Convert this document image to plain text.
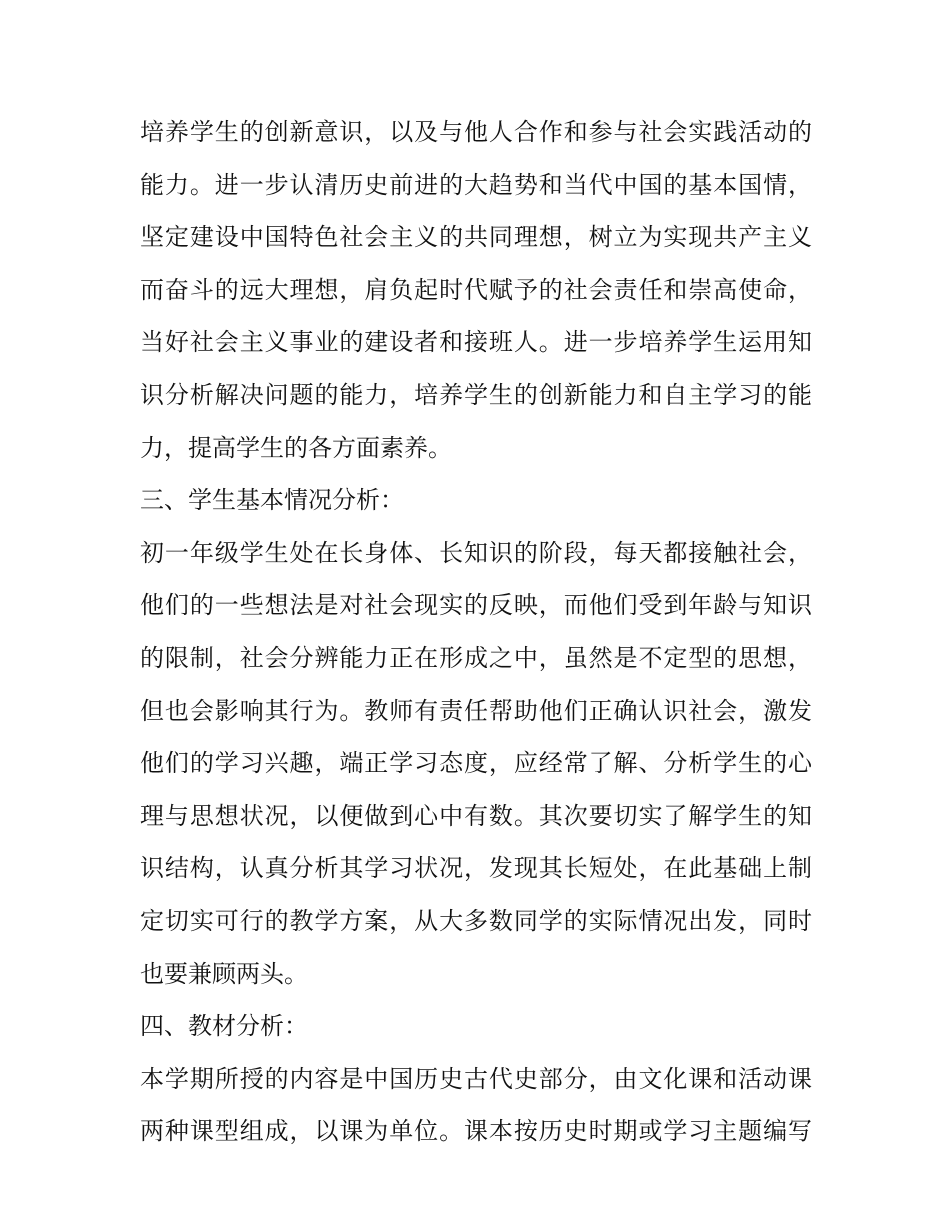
培养学生的创新意识，以及与他人合作和参与社会实践活动的
能力。进一步认清历史前进的大趋势和当代中国的基本国情，
坚定建设中国特色社会主义的共同理想，树立为实现共产主义
而奋斗的远大理想，肩负起时代赋予的社会责任和崇高使命，
当好社会主义事业的建设者和接班人。进一步培养学生运用知
识分析解决问题的能力，培养学生的创新能力和自主学习的能
力，提高学生的各方面素养。
三、学生基本情况分析：
初一年级学生处在长身体、长知识的阶段，每天都接触社会，
他们的一些想法是对社会现实的反映，而他们受到年龄与知识
的限制，社会分辨能力正在形成之中，虽然是不定型的思想，
但也会影响其行为。教师有责任帮助他们正确认识社会，激发
他们的学习兴趣，端正学习态度，应经常了解、分析学生的心
理与思想状况，以便做到心中有数。其次要切实了解学生的知
识结构，认真分析其学习状况，发现其长短处，在此基础上制
定切实可行的教学方案，从大多数同学的实际情况出发，同时
也要兼顾两头。
四、教材分析：
本学期所授的内容是中国历史古代史部分，由文化课和活动课
两种课型组成，以课为单位。课本按历史时期或学习主题编写
